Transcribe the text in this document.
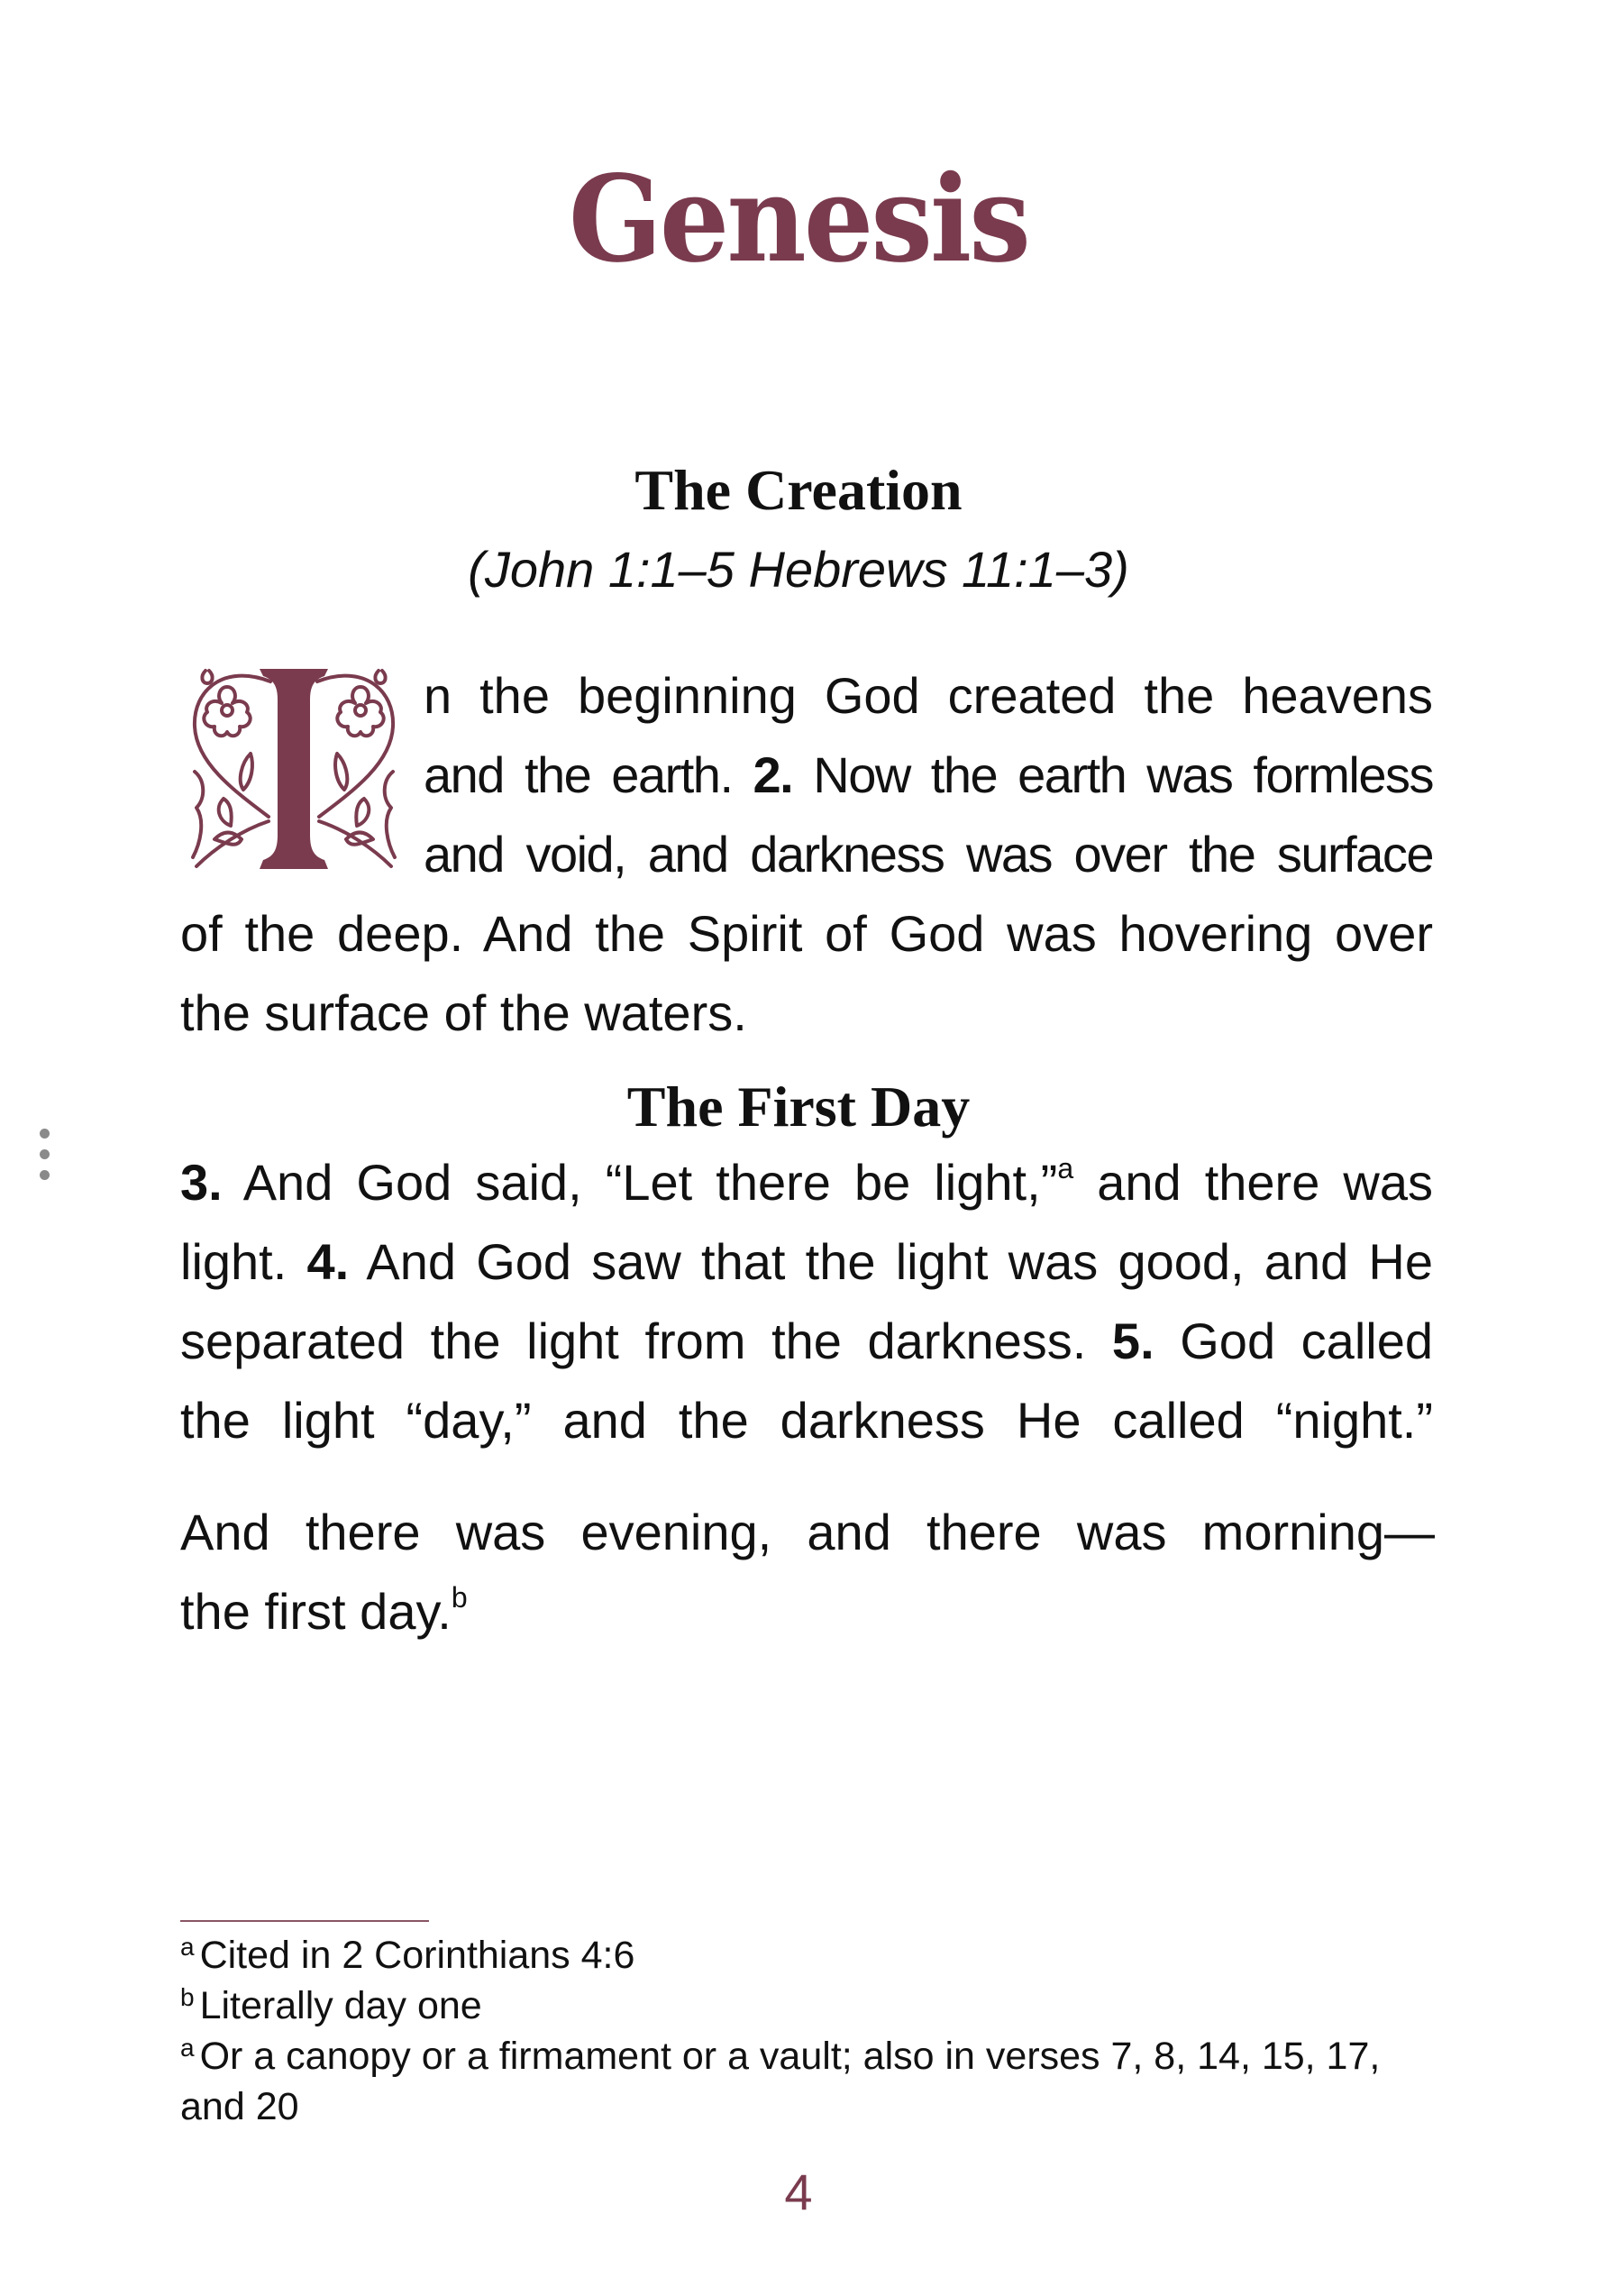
Genesis
The Creation
(John 1:1–5 Hebrews 11:1–3)
n the beginning God created the heavens
and the earth. 2. Now the earth was formless
and void, and darkness was over the surface
of the deep. And the Spirit of God was hovering over
the surface of the waters.
The First Day
3. And God said, “Let there be light,”$^a$ and there was
light. 4. And God saw that the light was good, and He
separated the light from the darkness. 5. God called
the light “day,” and the darkness He called “night.”
And there was evening, and there was morning—
the first day.$^b$
$^a$ Cited in 2 Corinthians 4:6
$^b$ Literally day one
$^a$ Or a canopy or a firmament or a vault; also in verses 7, 8, 14, 15, 17,
and 20
4
